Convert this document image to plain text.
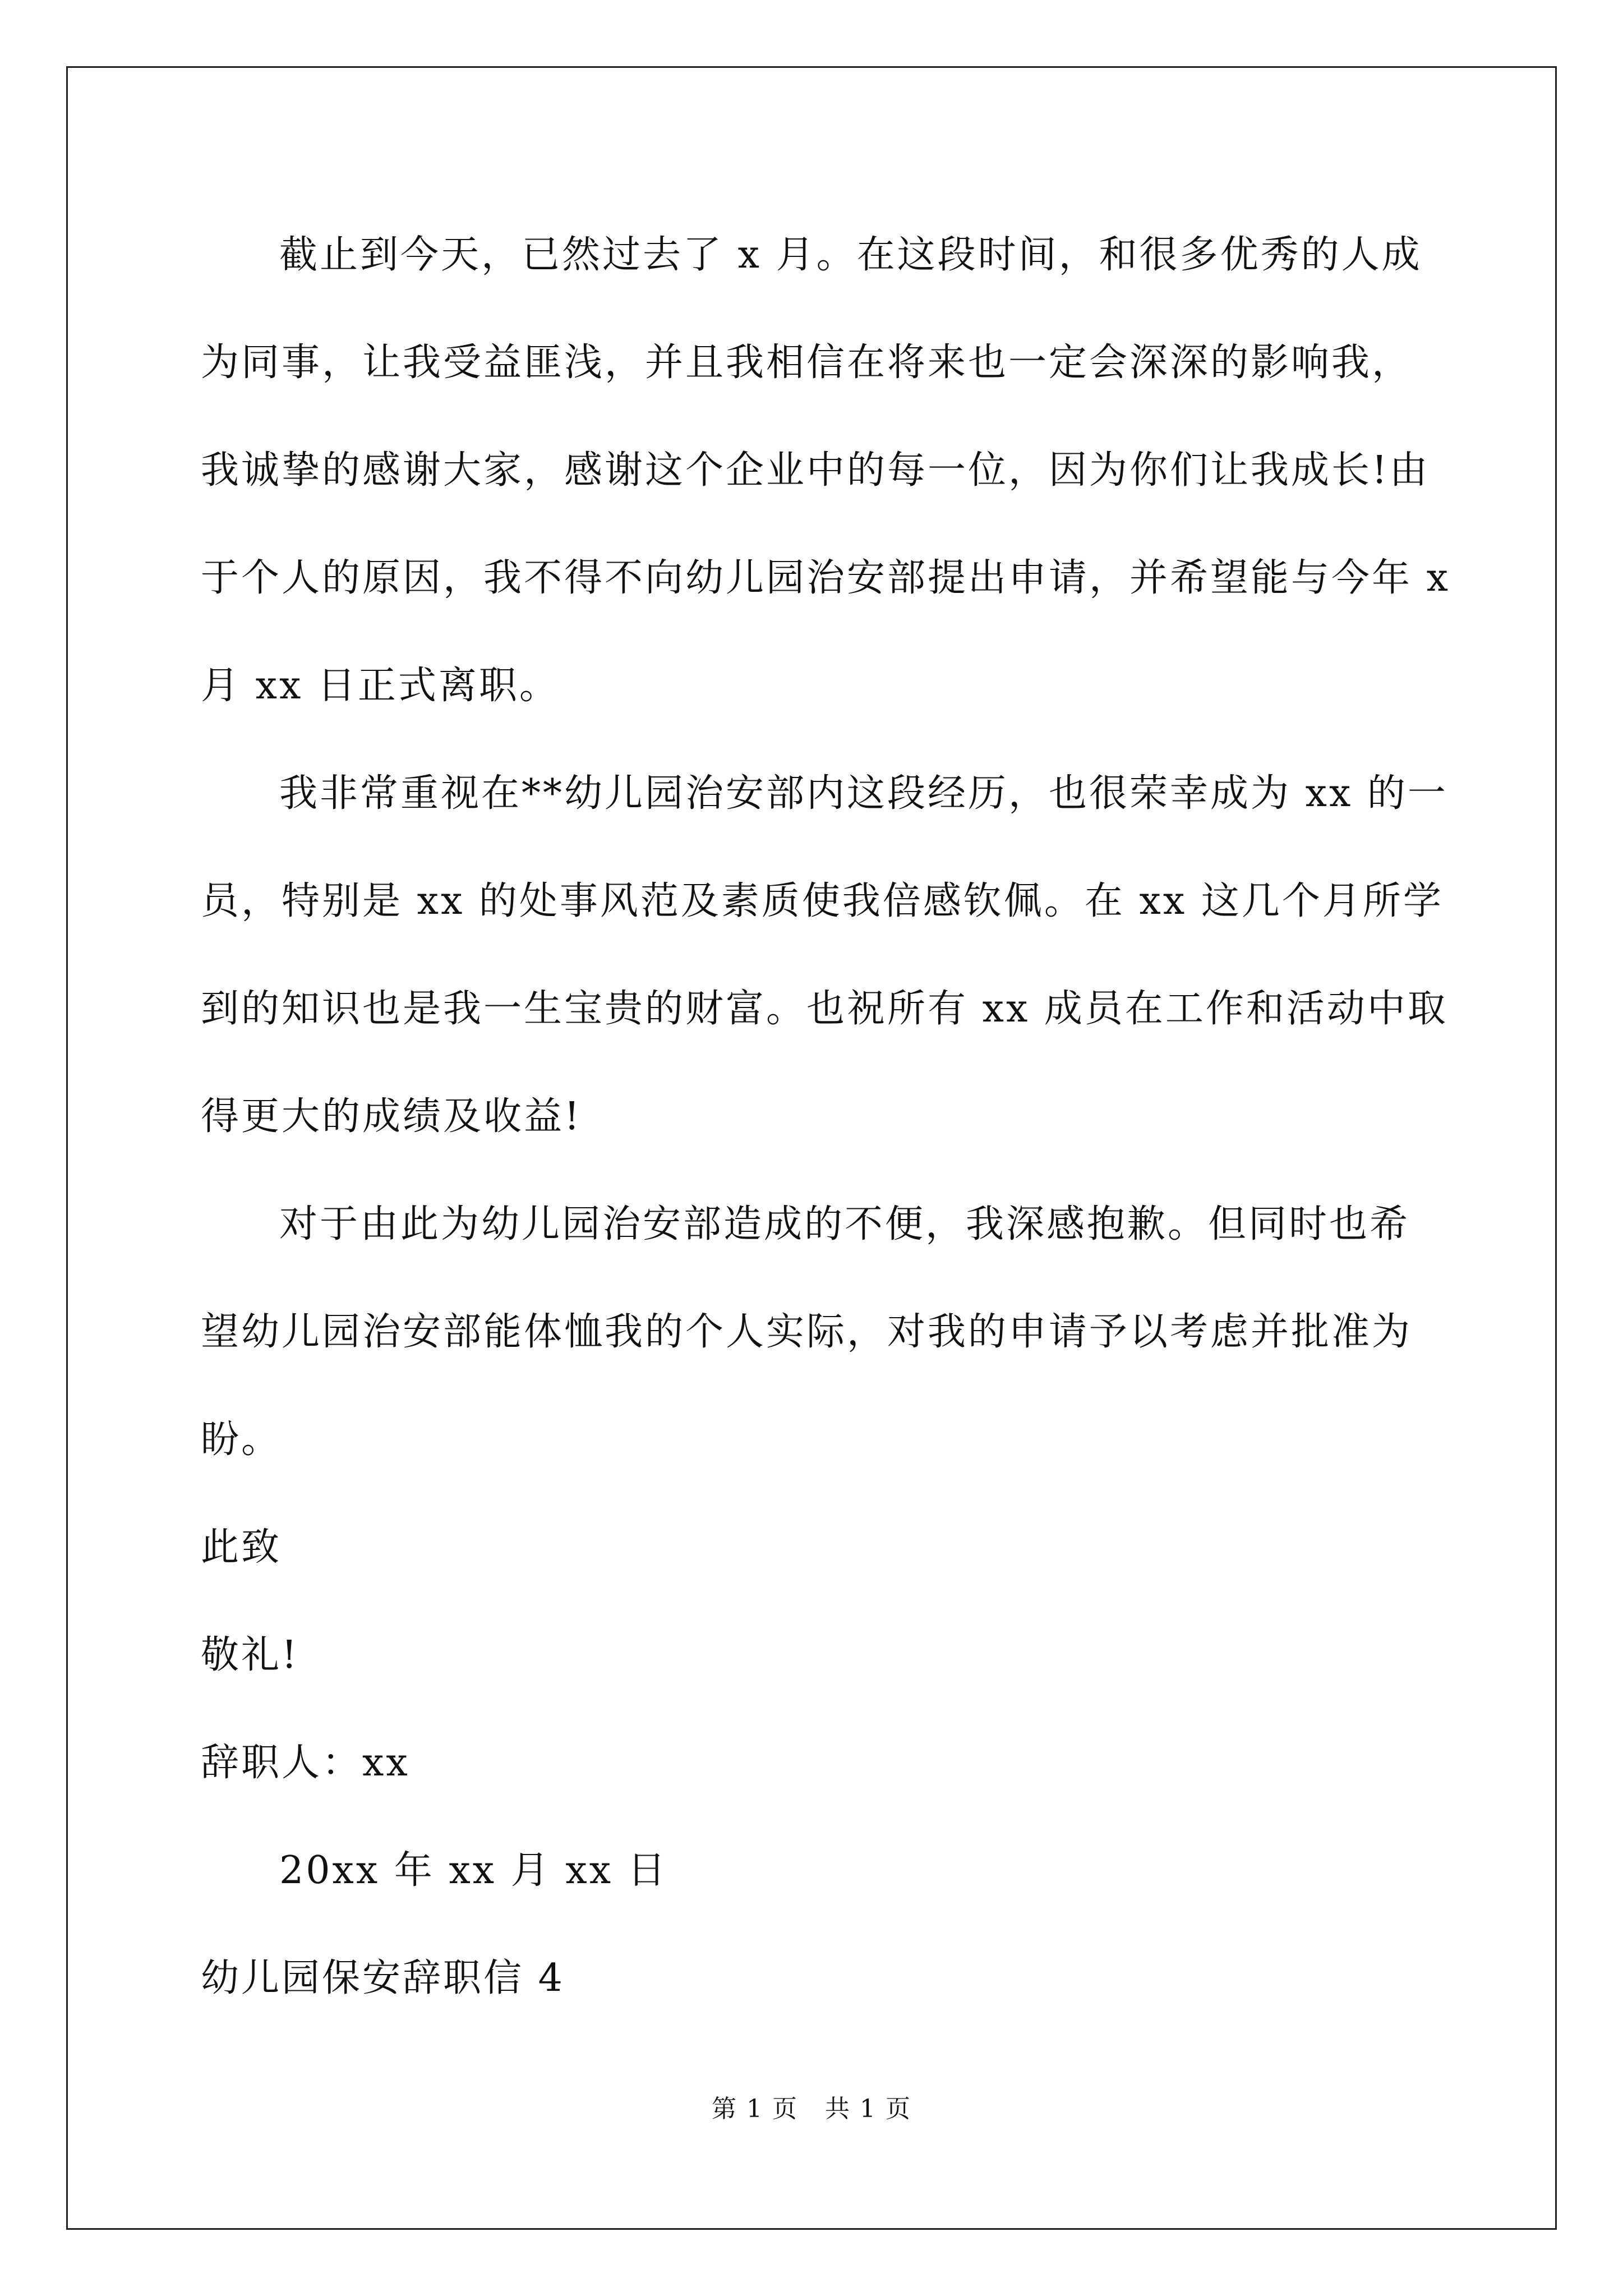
截止到今天，已然过去了 x 月。在这段时间，和很多优秀的人成
为同事，让我受益匪浅，并且我相信在将来也一定会深深的影响我，
我诚挚的感谢大家，感谢这个企业中的每一位，因为你们让我成长!由
于个人的原因，我不得不向幼儿园治安部提出申请，并希望能与今年 x
月 xx 日正式离职。
我非常重视在**幼儿园治安部内这段经历，也很荣幸成为 xx 的一
员，特别是 xx 的处事风范及素质使我倍感钦佩。在 xx 这几个月所学
到的知识也是我一生宝贵的财富。也祝所有 xx 成员在工作和活动中取
得更大的成绩及收益!
对于由此为幼儿园治安部造成的不便，我深感抱歉。但同时也希
望幼儿园治安部能体恤我的个人实际，对我的申请予以考虑并批准为
盼。
此致
敬礼!
辞职人：xx
20xx 年 xx 月 xx 日
幼儿园保安辞职信 4
第 1 页 共 1 页
